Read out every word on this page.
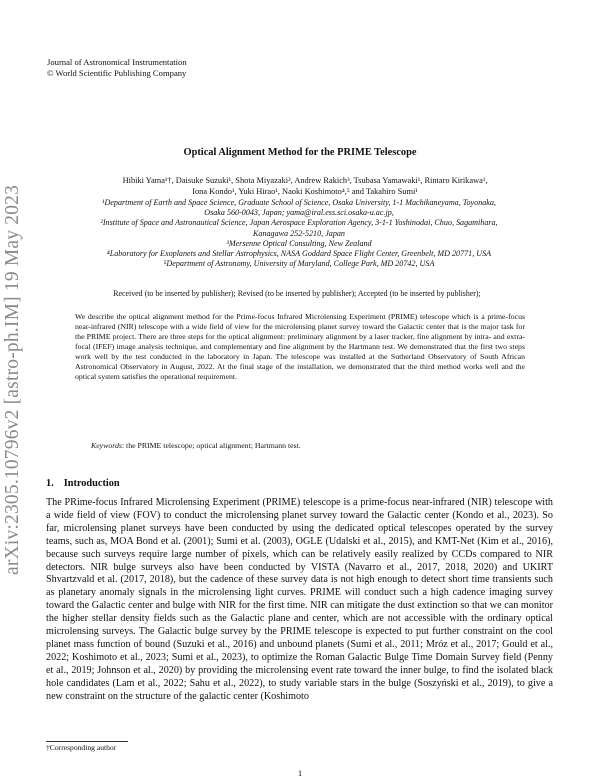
arXiv:2305.10796v2 [astro-ph.IM] 19 May 2023
Journal of Astronomical Instrumentation
© World Scientific Publishing Company
Optical Alignment Method for the PRIME Telescope
Hibiki Yama¹†, Daisuke Suzuki¹, Shota Miyazaki², Andrew Rakich³, Tsubasa Yamawaki¹, Rintaro Kirikawa¹,
Iona Kondo¹, Yuki Hirao¹, Naoki Koshimoto⁴,⁵ and Takahiro Sumi¹

¹Department of Earth and Space Science, Graduate School of Science, Osaka University, 1-1 Machikaneyama, Toyonaka,

Osaka 560-0043, Japan; yama@iral.ess.sci.osaka-u.ac.jp,

²Institute of Space and Astronautical Science, Japan Aerospace Exploration Agency, 3-1-1 Yoshinodai, Chuo, Sagamihara,

Kanagawa 252-5210, Japan

³Mersenne Optical Consulting, New Zealand

⁴Laboratory for Exoplanets and Stellar Astrophysics, NASA Goddard Space Flight Center, Greenbelt, MD 20771, USA

⁵Department of Astronomy, University of Maryland, College Park, MD 20742, USA

Received (to be inserted by publisher); Revised (to be inserted by publisher); Accepted (to be inserted by publisher);
We describe the optical alignment method for the Prime-focus Infrared Microlensing Experiment (PRIME) telescope which is a prime-focus near-infrared (NIR) telescope with a wide field of view for the microlensing planet survey toward the Galactic center that is the major task for the PRIME project. There are three steps for the optical alignment: preliminary alignment by a laser tracker, fine alignment by intra- and extra-focal (IFEF) image analysis technique, and complementary and fine alignment by the Hartmann test. We demonstrated that the first two steps work well by the test conducted in the laboratory in Japan. The telescope was installed at the Sutherland Observatory of South African Astronomical Observatory in August, 2022. At the final stage of the installation, we demonstrated that the third method works well and the optical system satisfies the operational requirement.
Keywords: the PRIME telescope; optical alignment; Hartmann test.
1. Introduction
The PRime-focus Infrared Microlensing Experiment (PRIME) telescope is a prime-focus near-infrared (NIR) telescope with a wide field of view (FOV) to conduct the microlensing planet survey toward the Galactic center (Kondo et al., 2023). So far, microlensing planet surveys have been conducted by using the dedicated optical telescopes operated by the survey teams, such as, MOA Bond et al. (2001); Sumi et al. (2003), OGLE (Udalski et al., 2015), and KMT-Net (Kim et al., 2016), because such surveys require large number of pixels, which can be relatively easily realized by CCDs compared to NIR detectors. NIR bulge surveys also have been conducted by VISTA (Navarro et al., 2017, 2018, 2020) and UKIRT Shvartzvald et al. (2017, 2018), but the cadence of these survey data is not high enough to detect short time transients such as planetary anomaly signals in the microlensing light curves. PRIME will conduct such a high cadence imaging survey toward the Galactic center and bulge with NIR for the first time. NIR can mitigate the dust extinction so that we can monitor the higher stellar density fields such as the Galactic plane and center, which are not accessible with the ordinary optical microlensing surveys. The Galactic bulge survey by the PRIME telescope is expected to put further constraint on the cool planet mass function of bound (Suzuki et al., 2016) and unbound planets (Sumi et al., 2011; Mróz et al., 2017; Gould et al., 2022; Koshimoto et al., 2023; Sumi et al., 2023), to optimize the Roman Galactic Bulge Time Domain Survey field (Penny et al., 2019; Johnson et al., 2020) by providing the microlensing event rate toward the inner bulge, to find the isolated black hole candidates (Lam et al., 2022; Sahu et al., 2022), to study variable stars in the bulge (Soszyński et al., 2019), to give a new constraint on the structure of the galactic center (Koshimoto
†Corresponding author
1
